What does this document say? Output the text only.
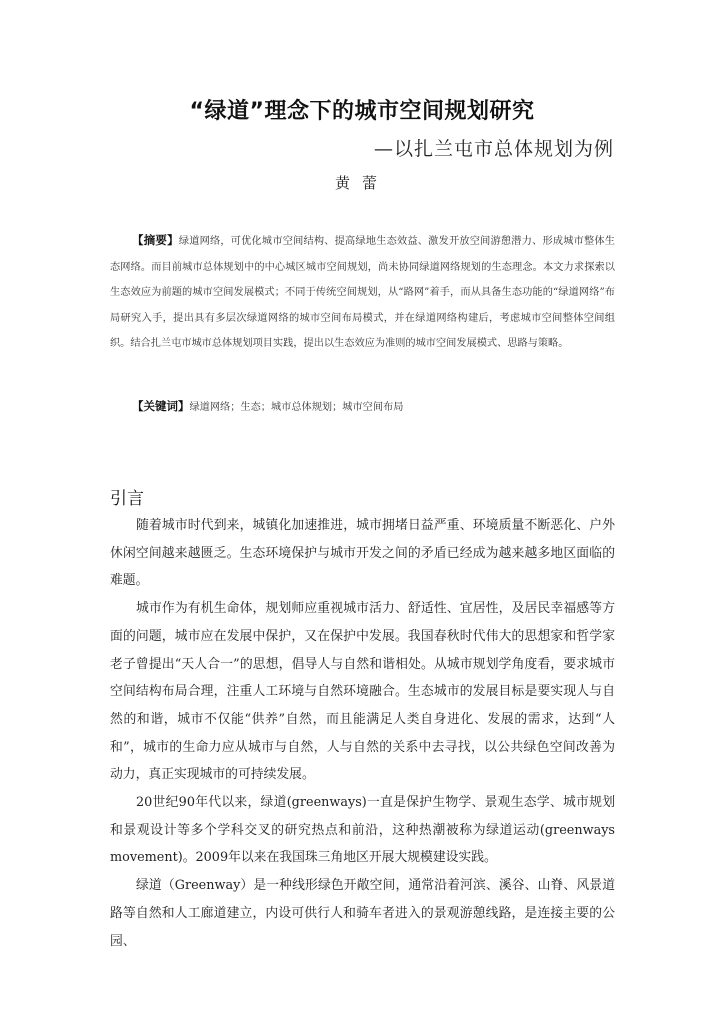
“绿道”理念下的城市空间规划研究
—以扎兰屯市总体规划为例
黄蕾

【摘要】绿道网络，可优化城市空间结构、提高绿地生态效益、激发开放空间游憩潜力、形成城市整体生态网络。而目前城市总体规划中的中心城区城市空间规划，尚未协同绿道网络规划的生态理念。本文力求探索以生态效应为前题的城市空间发展模式；不同于传统空间规划，从“路网”着手，而从具备生态功能的“绿道网络”布局研究入手，提出具有多层次绿道网络的城市空间布局模式，并在绿道网络构建后，考虑城市空间整体空间组织。结合扎兰屯市城市总体规划项目实践，提出以生态效应为准则的城市空间发展模式、思路与策略。

【关键词】绿道网络；生态；城市总体规划；城市空间布局
引言

随着城市时代到来，城镇化加速推进，城市拥堵日益严重、环境质量不断恶化、户外休闲空间越来越匮乏。生态环境保护与城市开发之间的矛盾已经成为越来越多地区面临的难题。

城市作为有机生命体，规划师应重视城市活力、舒适性、宜居性，及居民幸福感等方面的问题，城市应在发展中保护，又在保护中发展。我国春秋时代伟大的思想家和哲学家老子曾提出“天人合一”的思想，倡导人与自然和谐相处。从城市规划学角度看，要求城市空间结构布局合理，注重人工环境与自然环境融合。生态城市的发展目标是要实现人与自然的和谐，城市不仅能“供养”自然，而且能满足人类自身进化、发展的需求，达到“人和”，城市的生命力应从城市与自然，人与自然的关系中去寻找，以公共绿色空间改善为动力，真正实现城市的可持续发展。

20世纪90年代以来，绿道(greenways)一直是保护生物学、景观生态学、城市规划和景观设计等多个学科交叉的研究热点和前沿，这种热潮被称为绿道运动(greenways movement)。2009年以来在我国珠三角地区开展大规模建设实践。

绿道（Greenway）是一种线形绿色开敞空间，通常沿着河滨、溪谷、山脊、风景道路等自然和人工廊道建立，内设可供行人和骑车者进入的景观游憩线路，是连接主要的公园、
